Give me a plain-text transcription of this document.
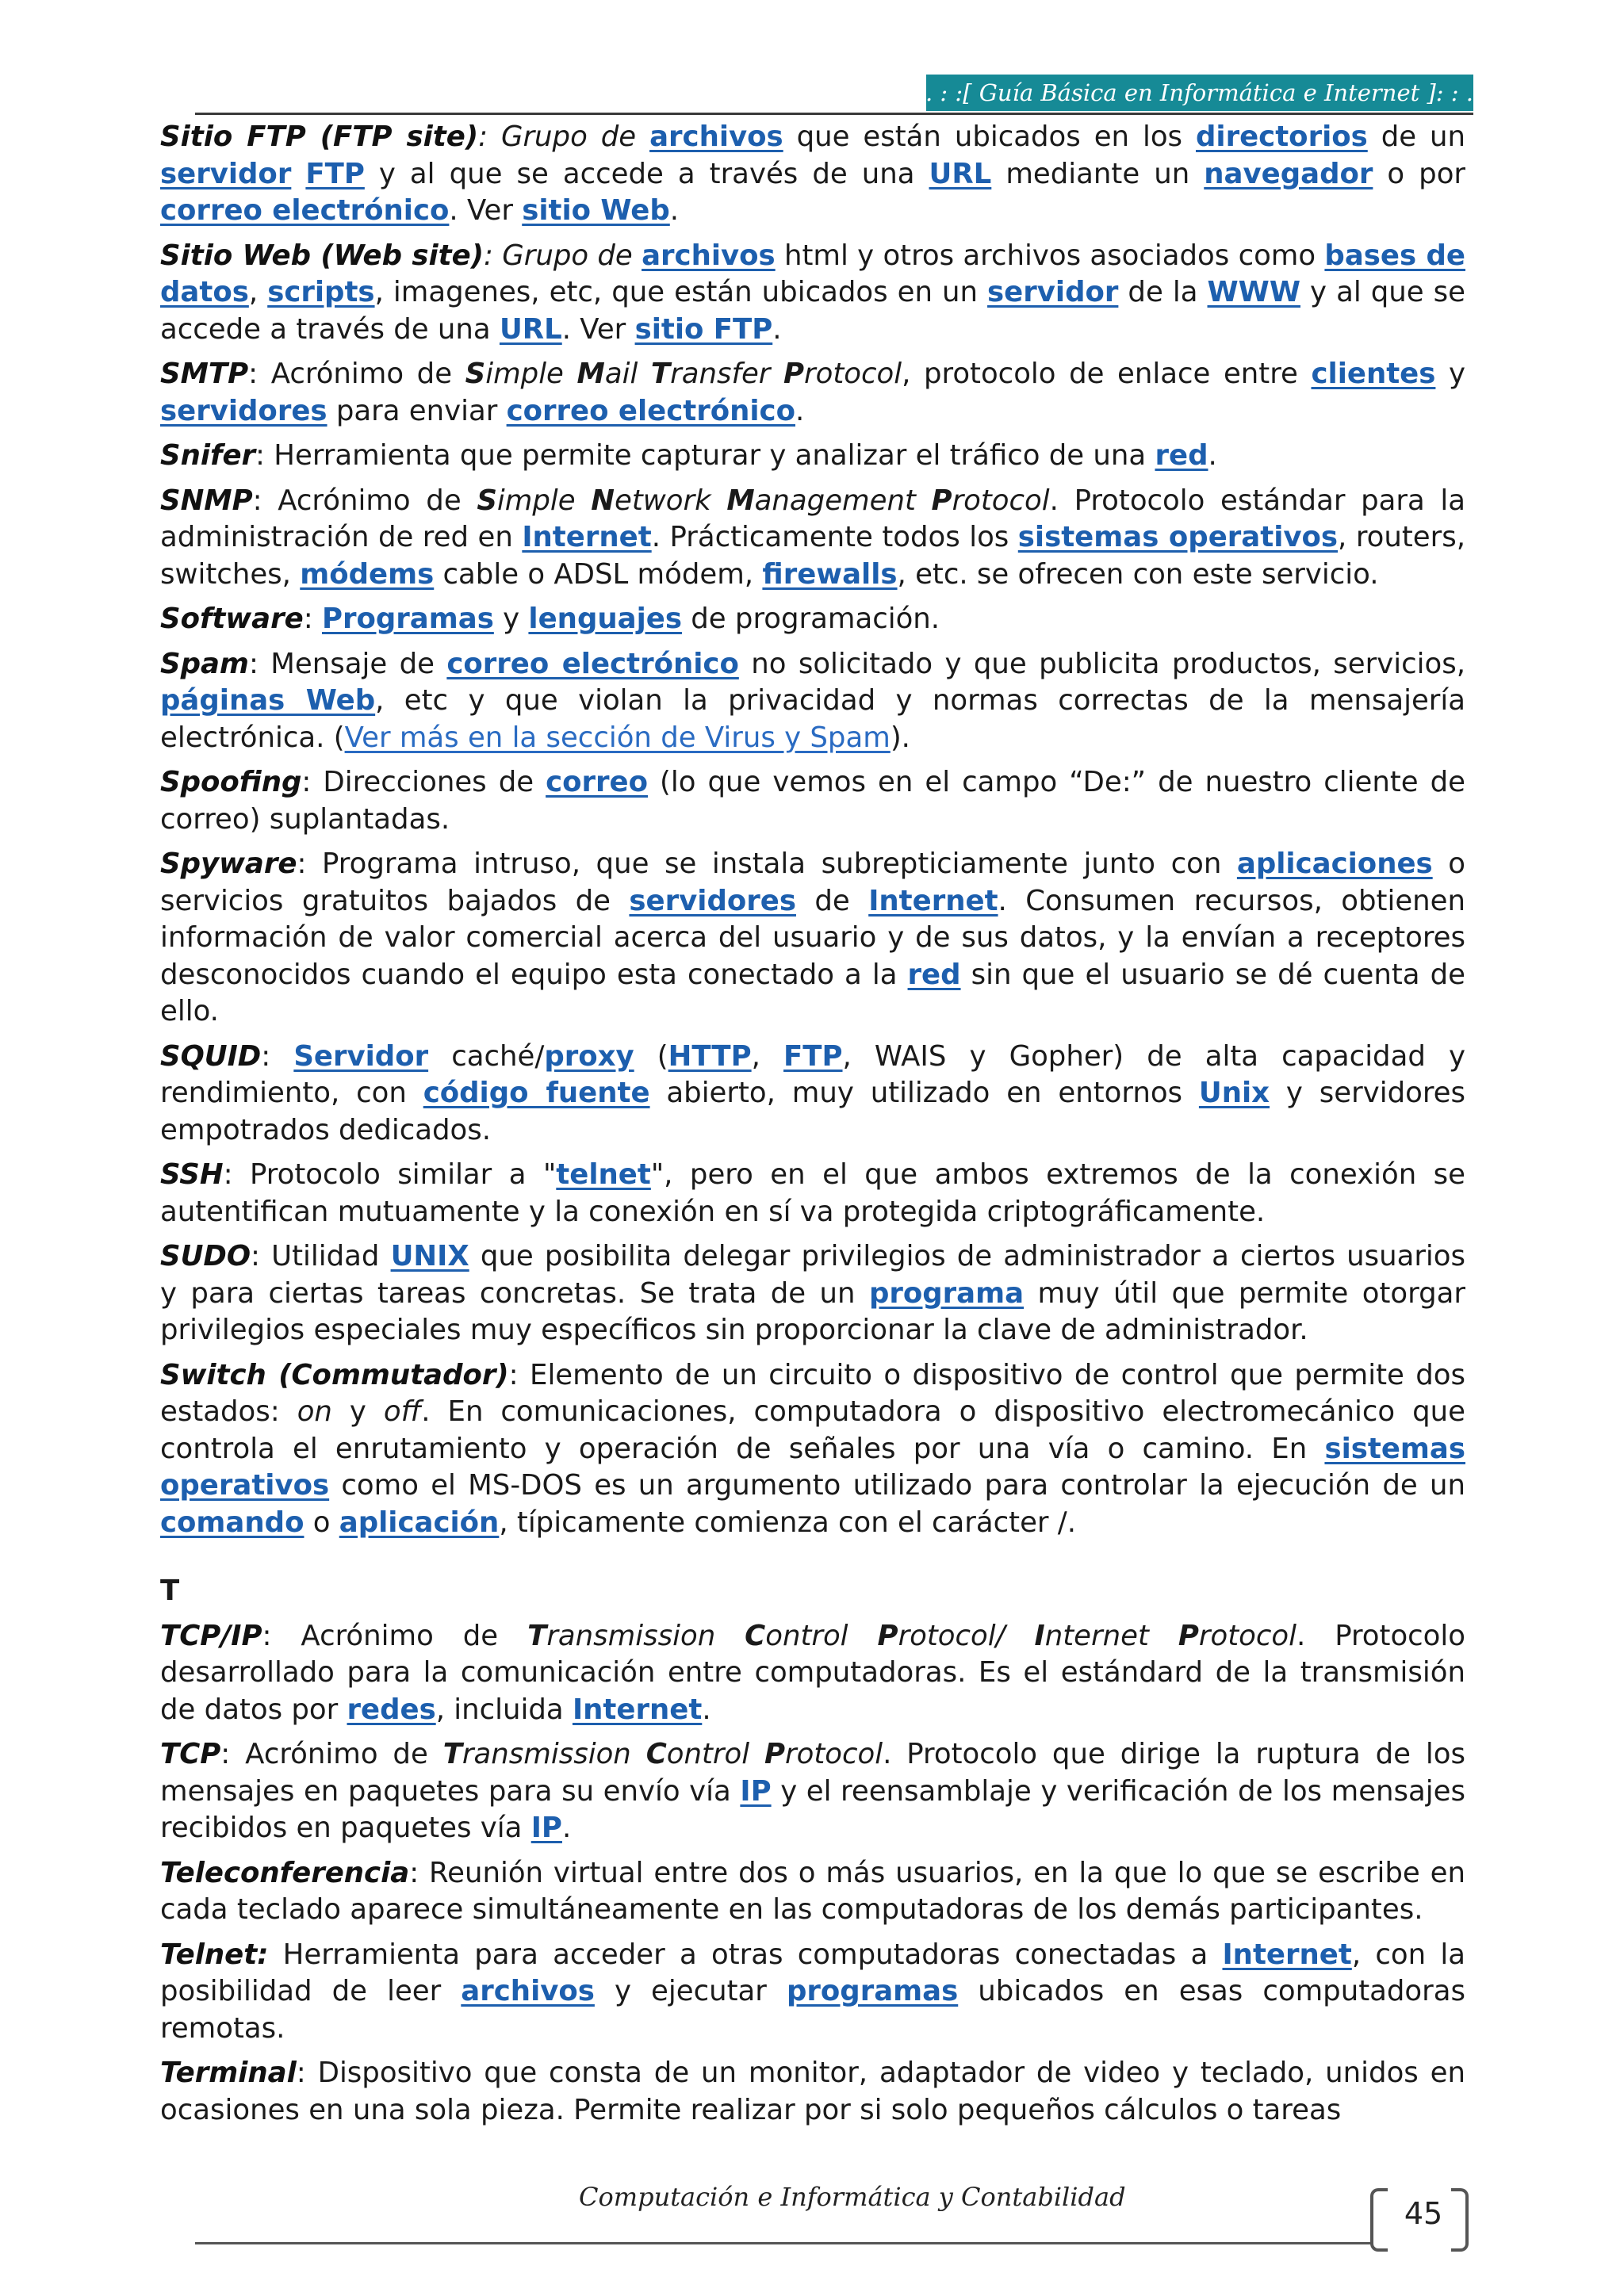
. : :[ Guía Básica en Informática e Internet ]: : .

Sitio FTP (FTP site): Grupo de archivos que están ubicados en los directorios de un servidor FTP y al que se accede a través de una URL mediante un navegador o por correo electrónico. Ver sitio Web.

Sitio Web (Web site): Grupo de archivos html y otros archivos asociados como bases de datos, scripts, imagenes, etc, que están ubicados en un servidor de la WWW y al que se accede a través de una URL. Ver sitio FTP.

SMTP: Acrónimo de Simple Mail Transfer Protocol, protocolo de enlace entre clientes y servidores para enviar correo electrónico.

Snifer: Herramienta que permite capturar y analizar el tráfico de una red.

SNMP: Acrónimo de Simple Network Management Protocol. Protocolo estándar para la administración de red en Internet. Prácticamente todos los sistemas operativos, routers, switches, módems cable o ADSL módem, firewalls, etc. se ofrecen con este servicio.

Software: Programas y lenguajes de programación.

Spam: Mensaje de correo electrónico no solicitado y que publicita productos, servicios, páginas Web, etc y que violan la privacidad y normas correctas de la mensajería electrónica. (Ver más en la sección de Virus y Spam).

Spoofing: Direcciones de correo (lo que vemos en el campo “De:” de nuestro cliente de correo) suplantadas.

Spyware: Programa intruso, que se instala subrepticiamente junto con aplicaciones o servicios gratuitos bajados de servidores de Internet. Consumen recursos, obtienen información de valor comercial acerca del usuario y de sus datos, y la envían a receptores desconocidos cuando el equipo esta conectado a la red sin que el usuario se dé cuenta de ello.

SQUID: Servidor caché/proxy (HTTP, FTP, WAIS y Gopher) de alta capacidad y rendimiento, con código fuente abierto, muy utilizado en entornos Unix y servidores empotrados dedicados.

SSH: Protocolo similar a "telnet", pero en el que ambos extremos de la conexión se autentifican mutuamente y la conexión en sí va protegida criptográficamente.

SUDO: Utilidad UNIX que posibilita delegar privilegios de administrador a ciertos usuarios y para ciertas tareas concretas. Se trata de un programa muy útil que permite otorgar privilegios especiales muy específicos sin proporcionar la clave de administrador.

Switch (Commutador): Elemento de un circuito o dispositivo de control que permite dos estados: on y off. En comunicaciones, computadora o dispositivo electromecánico que controla el enrutamiento y operación de señales por una vía o camino. En sistemas operativos como el MS-DOS es un argumento utilizado para controlar la ejecución de un comando o aplicación, típicamente comienza con el carácter /.

T

TCP/IP: Acrónimo de Transmission Control Protocol/ Internet Protocol. Protocolo desarrollado para la comunicación entre computadoras. Es el estándard de la transmisión de datos por redes, incluida Internet.

TCP: Acrónimo de Transmission Control Protocol. Protocolo que dirige la ruptura de los mensajes en paquetes para su envío vía IP y el reensamblaje y verificación de los mensajes recibidos en paquetes vía IP.

Teleconferencia: Reunión virtual entre dos o más usuarios, en la que lo que se escribe en cada teclado aparece simultáneamente en las computadoras de los demás participantes.

Telnet: Herramienta para acceder a otras computadoras conectadas a Internet, con la posibilidad de leer archivos y ejecutar programas ubicados en esas computadoras remotas.

Terminal: Dispositivo que consta de un monitor, adaptador de video y teclado, unidos en ocasiones en una sola pieza. Permite realizar por si solo pequeños cálculos o tareas

Computación e Informática y Contabilidad	45
